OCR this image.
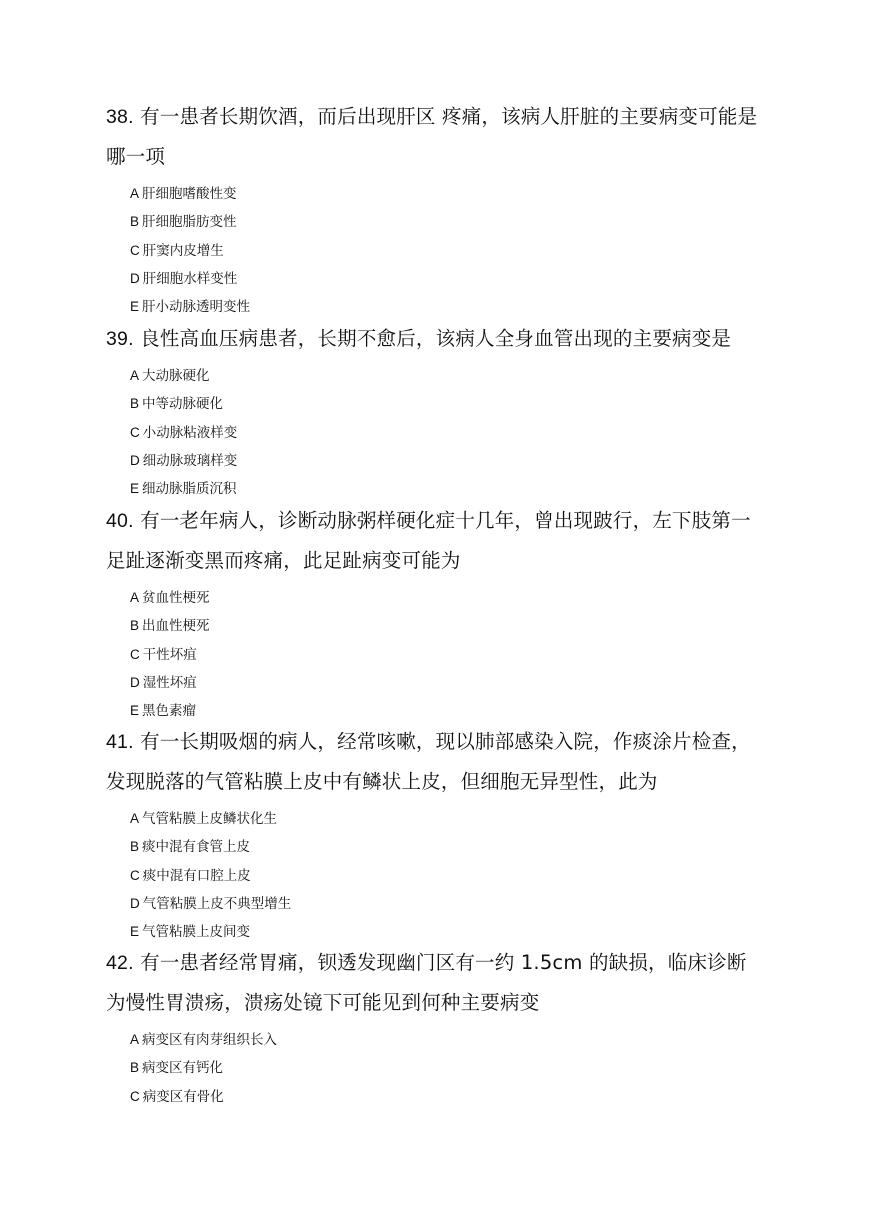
38. 有一患者长期饮酒，而后出现肝区 疼痛，该病人肝脏的主要病变可能是哪一项

A 肝细胞嗜酸性变
B 肝细胞脂肪变性
C 肝窦内皮增生
D 肝细胞水样变性
E 肝小动脉透明变性

39. 良性高血压病患者，长期不愈后，该病人全身血管出现的主要病变是

A 大动脉硬化
B 中等动脉硬化
C 小动脉粘液样变
D 细动脉玻璃样变
E 细动脉脂质沉积

40. 有一老年病人，诊断动脉粥样硬化症十几年，曾出现跛行，左下肢第一足趾逐渐变黑而疼痛，此足趾病变可能为

A 贫血性梗死
B 出血性梗死
C 干性坏疽
D 湿性坏疽
E 黑色素瘤

41. 有一长期吸烟的病人，经常咳嗽，现以肺部感染入院，作痰涂片检查，发现脱落的气管粘膜上皮中有鳞状上皮，但细胞无异型性，此为

A 气管粘膜上皮鳞状化生
B 痰中混有食管上皮
C 痰中混有口腔上皮
D 气管粘膜上皮不典型增生
E 气管粘膜上皮间变

42. 有一患者经常胃痛，钡透发现幽门区有一约 1.5cm 的缺损，临床诊断为慢性胃溃疡，溃疡处镜下可能见到何种主要病变

A 病变区有肉芽组织长入
B 病变区有钙化
C 病变区有骨化
